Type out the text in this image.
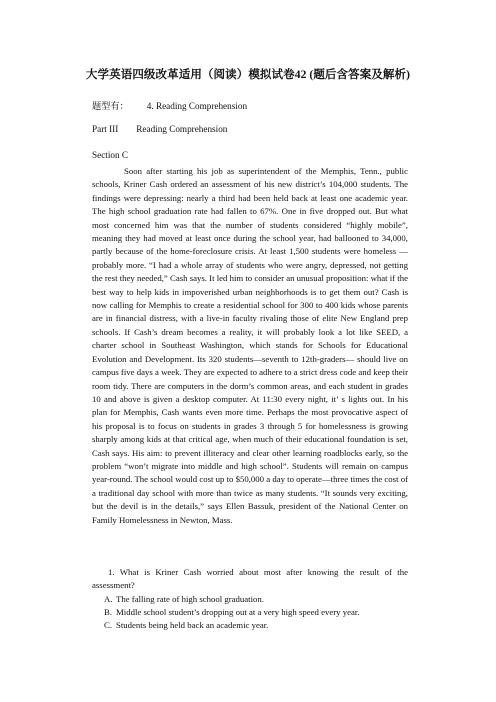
大学英语四级改革适用（阅读）模拟试卷42 (题后含答案及解析)
题型有： 4. Reading Comprehension
Part III Reading Comprehension
Section C

Soon after starting his job as superintendent of the Memphis, Tenn., public schools, Kriner Cash ordered an assessment of his new district’s 104,000 students. The findings were depressing: nearly a third had been held back at least one academic year. The high school graduation rate had fallen to 67%. One in five dropped out. But what most concerned him was that the number of students considered “highly mobile”, meaning they had moved at least once during the school year, had ballooned to 34,000, partly because of the home-foreclosure crisis. At least 1,500 students were homeless —probably more. “I had a whole array of students who were angry, depressed, not getting the rest they needed,” Cash says. It led him to consider an unusual proposition: what if the best way to help kids in impoverished urban neighborhoods is to get them out? Cash is now calling for Memphis to create a residential school for 300 to 400 kids whose parents are in financial distress, with a live-in faculty rivaling those of elite New England prep schools. If Cash’s dream becomes a reality, it will probably look a lot like SEED, a charter school in Southeast Washington, which stands for Schools for Educational Evolution and Development. Its 320 students—seventh to 12th-graders— should live on campus five days a week. They are expected to adhere to a strict dress code and keep their room tidy. There are computers in the dorm’s common areas, and each student in grades 10 and above is given a desktop computer. At 11:30 every night, it’ s lights out. In his plan for Memphis, Cash wants even more time. Perhaps the most provocative aspect of his proposal is to focus on students in grades 3 through 5 for homelessness is growing sharply among kids at that critical age, when much of their educational foundation is set, Cash says. His aim: to prevent illiteracy and clear other learning roadblocks early, so the problem “won’t migrate into middle and high school”. Students will remain on campus year-round. The school would cost up to $50,000 a day to operate—three times the cost of a traditional day school with more than twice as many students. “It sounds very exciting, but the devil is in the details,” says Ellen Bassuk, president of the National Center on Family Homelessness in Newton, Mass.

1. What is Kriner Cash worried about most after knowing the result of the assessment?

A. The falling rate of high school graduation.
B. Middle school student’s dropping out at a very high speed every year.
C. Students being held back an academic year.
